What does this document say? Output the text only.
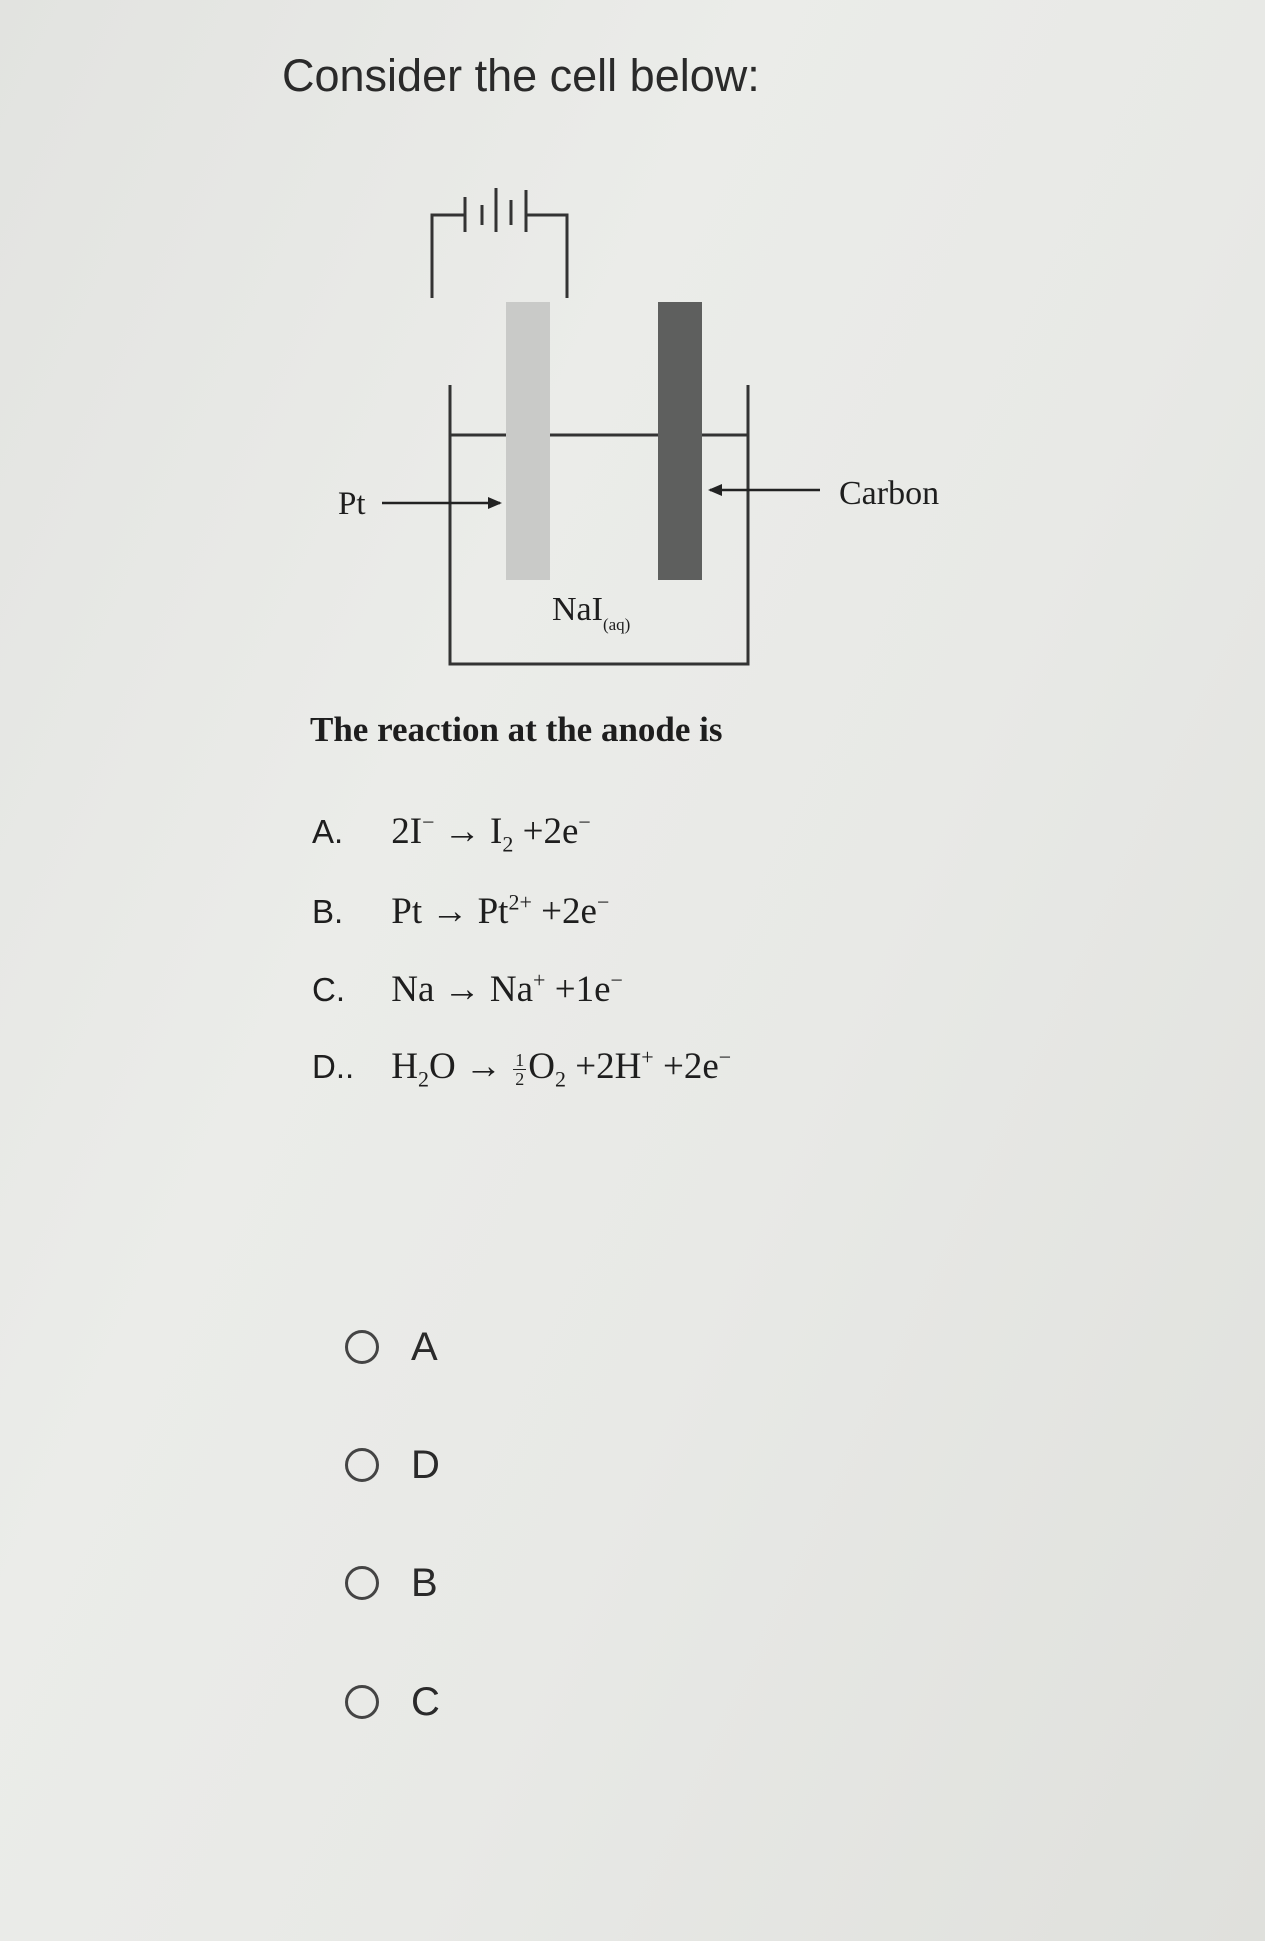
Consider the cell below:
Pt	Carbon
NaI$_{(aq)}$
The reaction at the anode is
A. $2I^- \to I_2 +2e^-$
B. $Pt \to Pt^{2+} +2e^-$
C. Na → Na+ +1e−
D.. $H_2O \to \frac{1}{2} O_2 +2H^+ +2e^-$
A
D
B
C
